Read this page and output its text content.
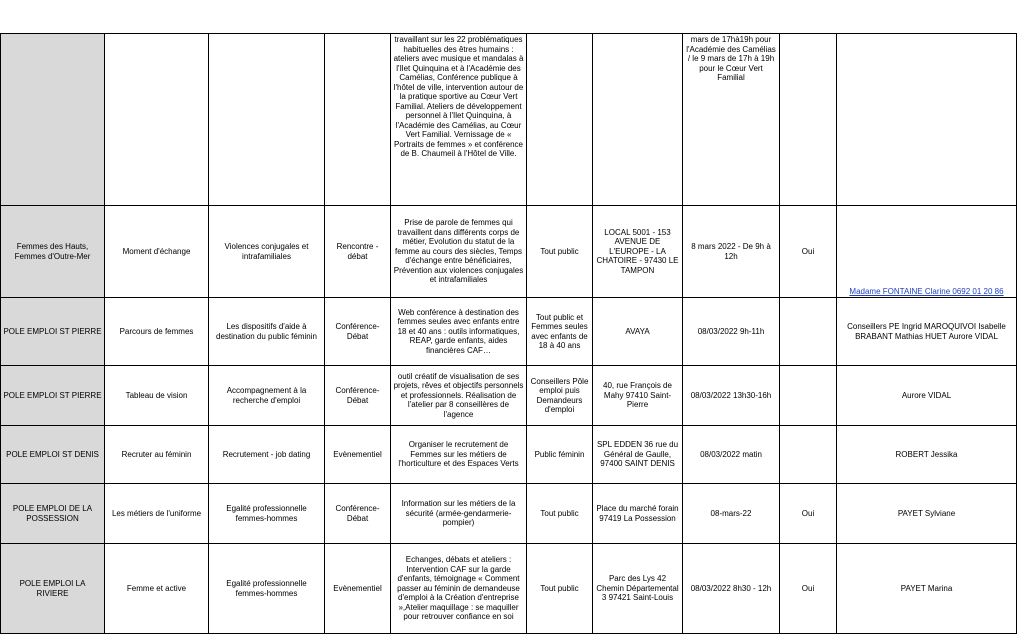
				travaillant sur les 22 problématiques habituelles des êtres humains : ateliers avec musique et mandalas à l'Ilet Quinquina et à l'Académie des Camélias, Conférence publique à l'hôtel de ville, intervention autour de la pratique sportive au Cœur Vert Familial. Ateliers de développement personnel à l'Ilet Quinquina, à l'Académie des Camélias, au Cœur Vert Familial. Vernissage de « Portraits de femmes » et conférence de B. Chaumeil à l'Hôtel de Ville.			mars de 17hà19h pour l'Académie des Camélias / le 9 mars de 17h à 19h pour le Cœur Vert Familial		
Femmes des Hauts, Femmes d'Outre-Mer	Moment d'échange	Violences conjugales et intrafamiliales	Rencontre - débat	Prise de parole de femmes qui travaillent dans différents corps de métier, Evolution du statut de la femme au cours des siècles, Temps d'échange entre bénéficiaires, Prévention aux violences conjugales et intrafamiliales	Tout public	LOCAL 5001 - 153 AVENUE DE L'EUROPE - LA CHATOIRE - 97430 LE TAMPON	8 mars 2022 - De 9h à 12h	Oui	Madame FONTAINE Clarine 0692 01 20 86
POLE EMPLOI ST PIERRE	Parcours de femmes	Les dispositifs d'aide à destination du public féminin	Conférence-Débat	Web conférence à destination des femmes seules avec enfants entre 18 et 40 ans : outils informatiques, REAP, garde enfants, aides financières CAF…	Tout public et Femmes seules avec enfants de 18 à 40 ans	AVAYA	08/03/2022 9h-11h		Conseillers PE Ingrid MAROQUIVOI Isabelle BRABANT Mathias HUET Aurore VIDAL
POLE EMPLOI ST PIERRE	Tableau de vision	Accompagnement à la recherche d'emploi	Conférence-Débat	outil créatif de visualisation de ses projets, rêves et objectifs personnels et professionnels. Réalisation de l'atelier par 8 conseillères de l'agence	Conseillers Pôle emploi puis Demandeurs d'emploi	40, rue François de Mahy 97410 Saint-Pierre	08/03/2022 13h30-16h		Aurore VIDAL
POLE EMPLOI ST DENIS	Recruter au féminin	Recrutement - job dating	Evènementiel	Organiser le recrutement de Femmes sur les métiers de l'horticulture et des Espaces Verts	Public féminin	SPL EDDEN 36 rue du Général de Gaulle, 97400 SAINT DENIS	08/03/2022 matin		ROBERT Jessika
POLE EMPLOI DE LA POSSESSION	Les métiers de l'uniforme	Egalité professionnelle femmes-hommes	Conférence-Débat	Information sur les métiers de la sécurité (armée-gendarmerie-pompier)	Tout public	Place du marché forain 97419 La Possession	08-mars-22	Oui	PAYET Sylviane
POLE EMPLOI LA RIVIERE	Femme et active	Egalité professionnelle femmes-hommes	Evènementiel	Echanges, débats et ateliers : Intervention CAF sur la garde d'enfants, témoignage « Comment passer au féminin de demandeuse d'emploi à la Création d'entreprise »,Atelier maquillage : se maquiller pour retrouver confiance en soi	Tout public	Parc des Lys 42 Chemin Départemental 3 97421 Saint-Louis	08/03/2022 8h30 - 12h	Oui	PAYET Marina
